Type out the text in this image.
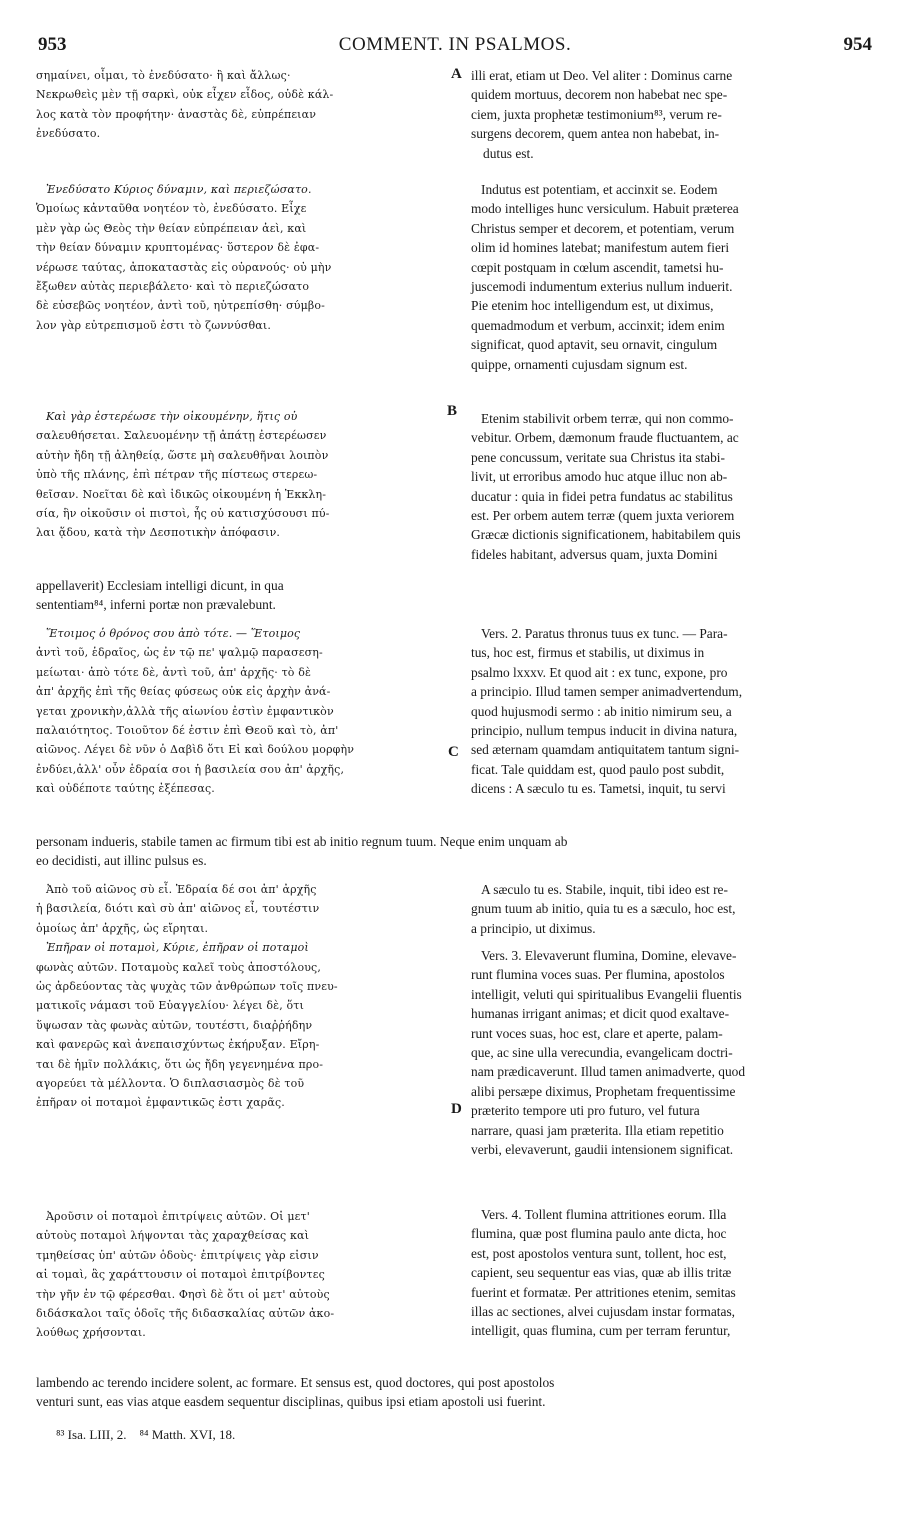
953	COMMENT. IN PSALMOS.	954
A
B
C
D

σημαίνει, οἶμαι, τὸ ἐνεδύσατο· ἢ καὶ ἄλλως·

Νεκρωθεὶς μὲν τῇ σαρκὶ, οὐκ εἶχεν εἶδος, οὐδὲ κάλ-

λος κατὰ τὸν προφήτην· ἀναστὰς δὲ, εὐπρέπειαν

ἐνεδύσατο.

Ἐνεδύσατο Κύριος δύναμιν, καὶ περιεζώσατο.

Ὁμοίως κἀνταῦθα νοητέον τὸ, ἐνεδύσατο. Εἶχε

μὲν γὰρ ὡς Θεὸς τὴν θείαν εὐπρέπειαν ἀεὶ, καὶ

τὴν θείαν δύναμιν κρυπτομένας· ὕστερον δὲ ἐφα-

νέρωσε ταύτας, ἀποκαταστὰς εἰς οὐρανούς· οὐ μὴν

ἔξωθεν αὐτὰς περιεβάλετο· καὶ τὸ περιεζώσατο

δὲ εὐσεβῶς νοητέον, ἀντὶ τοῦ, ηὐτρεπίσθη· σύμβο-

λον γὰρ εὐτρεπισμοῦ ἐστι τὸ ζωννύσθαι.

Καὶ γὰρ ἐστερέωσε τὴν οἰκουμένην, ἥτις οὐ

σαλευθήσεται. Σαλευομένην τῇ ἀπάτῃ ἐστερέωσεν

αὐτὴν ἤδη τῇ ἀληθείᾳ, ὥστε μὴ σαλευθῆναι λοιπὸν

ὑπὸ τῆς πλάνης, ἐπὶ πέτραν τῆς πίστεως στερεω-

θεῖσαν. Νοεῖται δὲ καὶ ἰδικῶς οἰκουμένη ἡ Ἐκκλη-

σία, ἣν οἰκοῦσιν οἱ πιστοὶ, ἧς οὐ κατισχύσουσι πύ-

λαι ᾅδου, κατὰ τὴν Δεσποτικὴν ἀπόφασιν.

appellaverit) Ecclesiam intelligi dicunt, in qua

sententiam⁸⁴, inferni portæ non prævalebunt.

Ἕτοιμος ὁ θρόνος σου ἀπὸ τότε. — Ἕτοιμος

ἀντὶ τοῦ, ἑδραῖος, ὡς ἐν τῷ πε' ψαλμῷ παρασεση-

μείωται· ἀπὸ τότε δὲ, ἀντὶ τοῦ, ἀπ' ἀρχῆς· τὸ δὲ

ἀπ' ἀρχῆς ἐπὶ τῆς θείας φύσεως οὐκ εἰς ἀρχὴν ἀνά-

γεται χρονικὴν,ἀλλὰ τῆς αἰωνίου ἐστὶν ἐμφαντικὸν

παλαιότητος. Τοιοῦτον δέ ἐστιν ἐπὶ Θεοῦ καὶ τὸ, ἀπ'

αἰῶνος. Λέγει δὲ νῦν ὁ Δαβὶδ ὅτι Εἰ καὶ δούλου μορφὴν

ἐνδύει,ἀλλ' οὖν ἑδραία σοι ἡ βασιλεία σου ἀπ' ἀρχῆς,

καὶ οὐδέποτε ταύτης ἐξέπεσας.

personam indueris, stabile tamen ac firmum tibi est ab initio regnum tuum. Neque enim unquam ab

eo decidisti, aut illinc pulsus es.

Ἀπὸ τοῦ αἰῶνος σὺ εἶ. Ἑδραία δέ σοι ἀπ' ἀρχῆς

ἡ βασιλεία, διότι καὶ σὺ ἀπ' αἰῶνος εἶ, τουτέστιν

ὁμοίως ἀπ' ἀρχῆς, ὡς εἴρηται.

Ἐπῆραν οἱ ποταμοὶ, Κύριε, ἐπῆραν οἱ ποταμοὶ

φωνὰς αὐτῶν. Ποταμοὺς καλεῖ τοὺς ἀποστόλους,

ὡς ἀρδεύοντας τὰς ψυχὰς τῶν ἀνθρώπων τοῖς πνευ-

ματικοῖς νάμασι τοῦ Εὐαγγελίου· λέγει δὲ, ὅτι

ὕψωσαν τὰς φωνὰς αὐτῶν, τουτέστι, διαῤῥήδην

καὶ φανερῶς καὶ ἀνεπαισχύντως ἐκήρυξαν. Εἴρη-

ται δὲ ἡμῖν πολλάκις, ὅτι ὡς ἤδη γεγενημένα προ-

αγορεύει τὰ μέλλοντα. Ὁ διπλασιασμὸς δὲ τοῦ

ἐπῆραν οἱ ποταμοὶ ἐμφαντικῶς ἐστι χαρᾶς.

Ἀροῦσιν οἱ ποταμοὶ ἐπιτρίψεις αὐτῶν. Οἱ μετ'

αὐτοὺς ποταμοὶ λήψονται τὰς χαραχθείσας καὶ

τμηθείσας ὑπ' αὐτῶν ὁδοὺς· ἐπιτρίψεις γὰρ εἰσιν

αἱ τομαὶ, ἃς χαράττουσιν οἱ ποταμοὶ ἐπιτρίβοντες

τὴν γῆν ἐν τῷ φέρεσθαι. Φησὶ δὲ ὅτι οἱ μετ' αὐτοὺς

διδάσκαλοι ταῖς ὁδοῖς τῆς διδασκαλίας αὐτῶν ἀκο-

λούθως χρήσονται.

illi erat, etiam ut Deo. Vel aliter : Dominus carne

quidem mortuus, decorem non habebat nec spe-

ciem, juxta prophetæ testimonium⁸³, verum re-

surgens decorem, quem antea non habebat, in-

dutus est.

Indutus est potentiam, et accinxit se. Eodem

modo intelliges hunc versiculum. Habuit præterea

Christus semper et decorem, et potentiam, verum

olim id homines latebat; manifestum autem fieri

cœpit postquam in cœlum ascendit, tametsi hu-

juscemodi indumentum exterius nullum induerit.

Pie etenim hoc intelligendum est, ut diximus,

quemadmodum et verbum, accinxit; idem enim

significat, quod aptavit, seu ornavit, cingulum

quippe, ornamenti cujusdam signum est.

Etenim stabilivit orbem terræ, qui non commo-

vebitur. Orbem, dæmonum fraude fluctuantem, ac

pene concussum, veritate sua Christus ita stabi-

livit, ut erroribus amodo huc atque illuc non ab-

ducatur : quia in fidei petra fundatus ac stabilitus

est. Per orbem autem terræ (quem juxta veriorem

Græcæ dictionis significationem, habitabilem quis

fideles habitant, adversus quam, juxta Domini

Vers. 2. Paratus thronus tuus ex tunc. — Para-

tus, hoc est, firmus et stabilis, ut diximus in

psalmo lxxxv. Et quod ait : ex tunc, expone, pro

a principio. Illud tamen semper animadvertendum,

quod hujusmodi sermo : ab initio nimirum seu, a

principio, nullum tempus inducit in divina natura,

sed æternam quamdam antiquitatem tantum signi-

ficat. Tale quiddam est, quod paulo post subdit,

dicens : A sæculo tu es. Tametsi, inquit, tu servi

A sæculo tu es. Stabile, inquit, tibi ideo est re-

gnum tuum ab initio, quia tu es a sæculo, hoc est,

a principio, ut diximus.

Vers. 3. Elevaverunt flumina, Domine, elevave-

runt flumina voces suas. Per flumina, apostolos

intelligit, veluti qui spiritualibus Evangelii fluentis

humanas irrigant animas; et dicit quod exaltave-

runt voces suas, hoc est, clare et aperte, palam-

que, ac sine ulla verecundia, evangelicam doctri-

nam prædicaverunt. Illud tamen animadverte, quod

alibi persæpe diximus, Prophetam frequentissime

præterito tempore uti pro futuro, vel futura

narrare, quasi jam præterita. Illa etiam repetitio

verbi, elevaverunt, gaudii intensionem significat.

Vers. 4. Tollent flumina attritiones eorum. Illa

flumina, quæ post flumina paulo ante dicta, hoc

est, post apostolos ventura sunt, tollent, hoc est,

capient, seu sequentur eas vias, quæ ab illis tritæ

fuerint et formatæ. Per attritiones etenim, semitas

illas ac sectiones, alvei cujusdam instar formatas,

intelligit, quas flumina, cum per terram feruntur,

lambendo ac terendo incidere solent, ac formare. Et sensus est, quod doctores, qui post apostolos

venturi sunt, eas vias atque easdem sequentur disciplinas, quibus ipsi etiam apostoli usi fuerint.

⁸³ Isa. LIII, 2.    ⁸⁴ Matth. XVI, 18.
